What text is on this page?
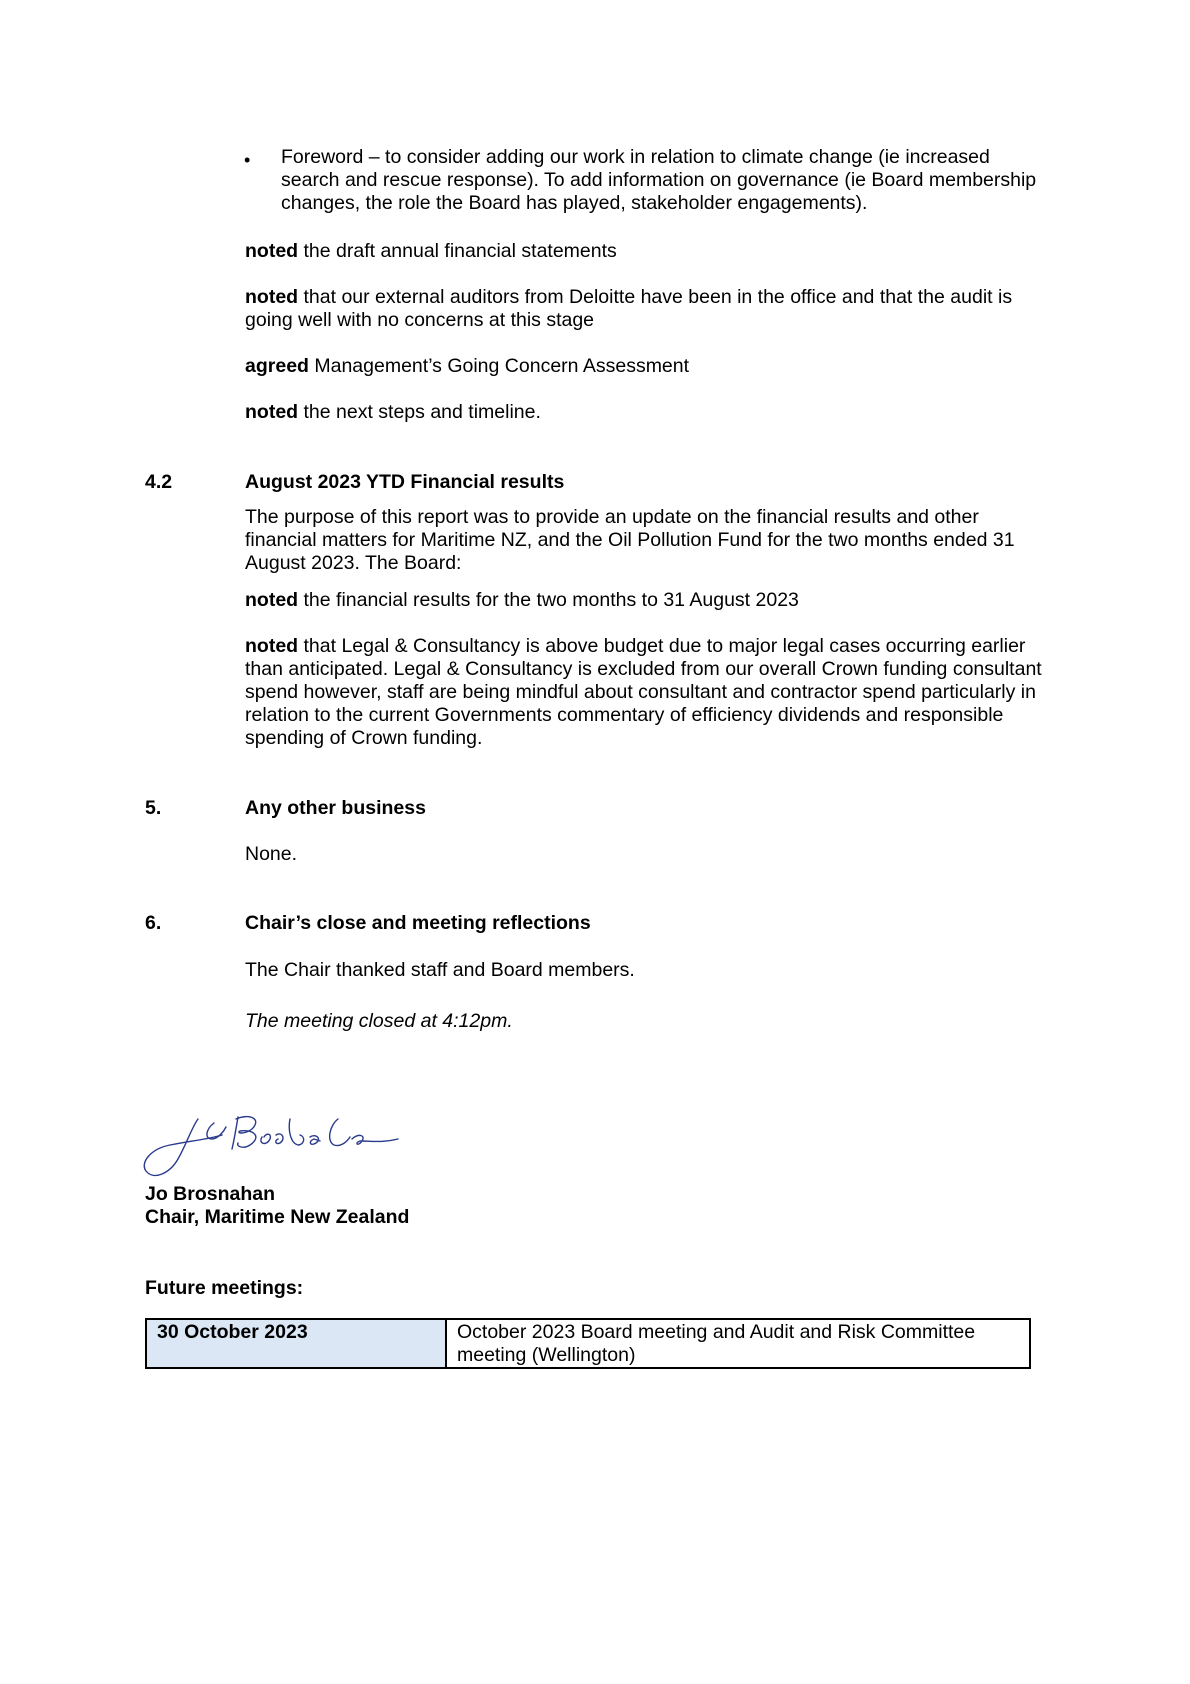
• Foreword – to consider adding our work in relation to climate change (ie increased search and rescue response). To add information on governance (ie Board membership changes, the role the Board has played, stakeholder engagements).
noted the draft annual financial statements
noted that our external auditors from Deloitte have been in the office and that the audit is going well with no concerns at this stage
agreed Management’s Going Concern Assessment
noted the next steps and timeline.
4.2	August 2023 YTD Financial results
The purpose of this report was to provide an update on the financial results and other financial matters for Maritime NZ, and the Oil Pollution Fund for the two months ended 31 August 2023. The Board:
noted the financial results for the two months to 31 August 2023
noted that Legal & Consultancy is above budget due to major legal cases occurring earlier than anticipated. Legal & Consultancy is excluded from our overall Crown funding consultant spend however, staff are being mindful about consultant and contractor spend particularly in relation to the current Governments commentary of efficiency dividends and responsible spending of Crown funding.
5.	Any other business
None.
6.	Chair’s close and meeting reflections
The Chair thanked staff and Board members.
The meeting closed at 4:12pm.
Jo Brosnahan
Chair, Maritime New Zealand
Future meetings:
30 October 2023	October 2023 Board meeting and Audit and Risk Committee meeting (Wellington)
